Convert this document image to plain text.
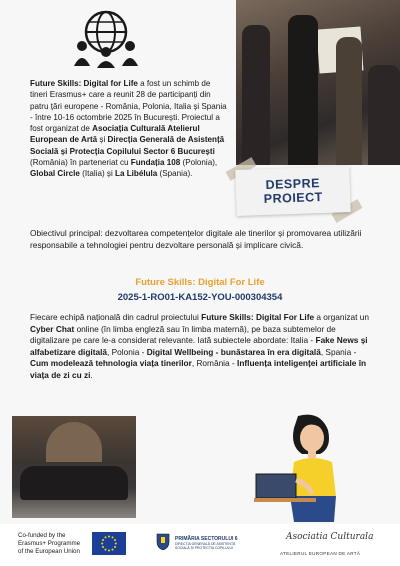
Future Skills: Digital for Life a fost un schimb de tineri Erasmus+ care a reunit 28 de participanți din patru țări europene - România, Polonia, Italia și Spania - între 10-16 octombrie 2025 în București. Proiectul a fost organizat de Asociația Culturală Atelierul European de Artă și Direcția Generală de Asistență Socială și Protecția Copilului Sector 6 București (România) în parteneriat cu Fundația 108 (Polonia), Global Circle (Italia) și La Libélula (Spania).
DESPRE
PROIECT
Obiectivul principal: dezvoltarea competențelor digitale ale tinerilor și promovarea utilizării responsabile a tehnologiei pentru dezvoltare personală și implicare civică.
Future Skills: Digital For Life
2025-1-RO01-KA152-YOU-000304354
Fiecare echipă națională din cadrul proiectului Future Skills: Digital For Life a organizat un Cyber Chat online (în limba engleză sau în limba maternă), pe baza subtemelor de digitalizare pe care le-a considerat relevante. Iată subiectele abordate: Italia - Fake News și alfabetizare digitală, Polonia - Digital Wellbeing - bunăstarea în era digitală, Spania - Cum modelează tehnologia viața tinerilor, România - Influența inteligenței artificiale în viața de zi cu zi.
Co-funded by the
Erasmus+ Programme
of the European Union
PRIMĂRIA SECTORULUI 6
DIRECȚIA GENERALĂ DE ASISTENȚĂ
SOCIALĂ ȘI PROTECȚIA COPILULUI
Asociatia Culturala
ATELIERUL EUROPEAN DE ARTĂ
